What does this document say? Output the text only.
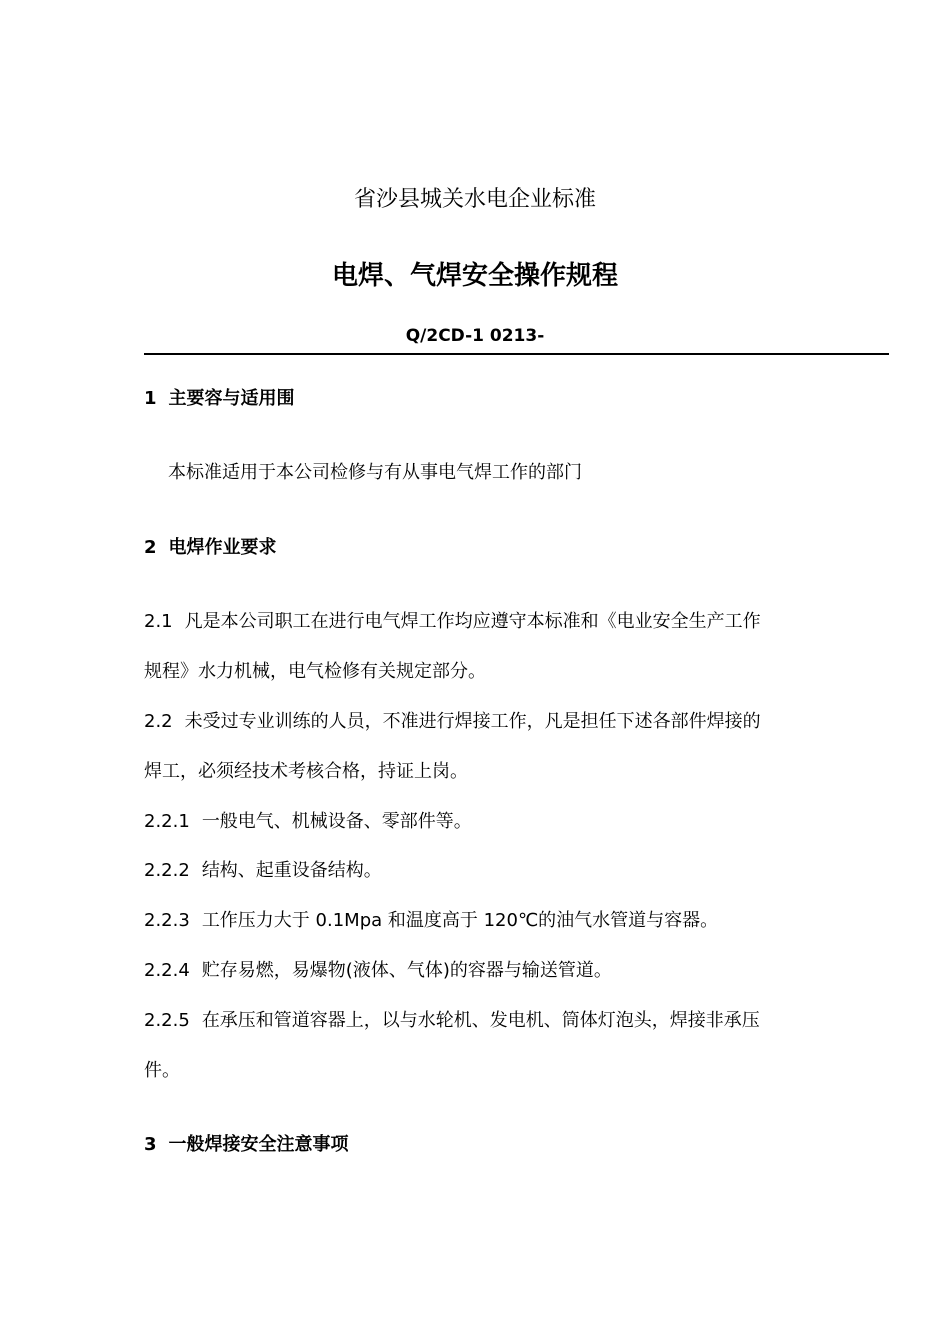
省沙县城关水电企业标准
电焊、气焊安全操作规程
Q/2CD-1 0213-
1 主要容与适用围
本标准适用于本公司检修与有从事电气焊工作的部门
2 电焊作业要求
2.1 凡是本公司职工在进行电气焊工作均应遵守本标准和《电业安全生产工作
规程》水力机械，电气检修有关规定部分。
2.2 未受过专业训练的人员，不准进行焊接工作，凡是担任下述各部件焊接的
焊工，必须经技术考核合格，持证上岗。
2.2.1 一般电气、机械设备、零部件等。
2.2.2 结构、起重设备结构。
2.2.3 工作压力大于 0.1Mpa 和温度高于 120℃的油气水管道与容器。
2.2.4 贮存易燃，易爆物(液体、气体)的容器与输送管道。
2.2.5 在承压和管道容器上，以与水轮机、发电机、筒体灯泡头，焊接非承压
件。
3 一般焊接安全注意事项
